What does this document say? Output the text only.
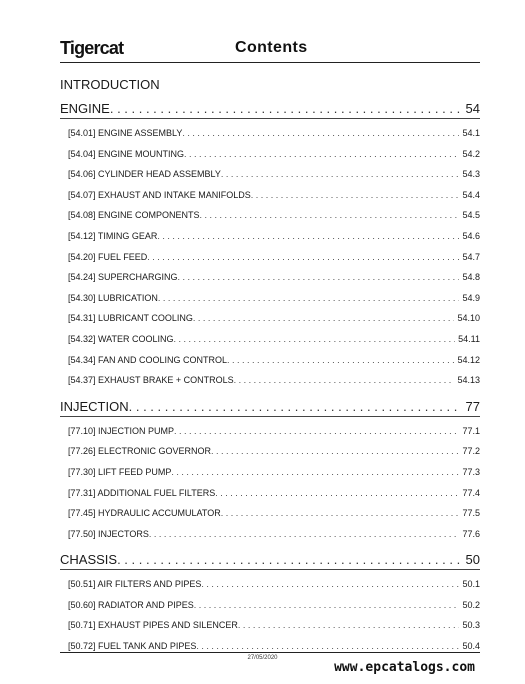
Tigercat	Contents
INTRODUCTION
ENGINE . . .	54
[54.01] ENGINE ASSEMBLY . . .	54.1
[54.04] ENGINE MOUNTING . . .	54.2
[54.06] CYLINDER HEAD ASSEMBLY . . .	54.3
[54.07] EXHAUST AND INTAKE MANIFOLDS . . .	54.4
[54.08] ENGINE COMPONENTS . . .	54.5
[54.12] TIMING GEAR . . .	54.6
[54.20] FUEL FEED . . .	54.7
[54.24] SUPERCHARGING . . .	54.8
[54.30] LUBRICATION . . .	54.9
[54.31] LUBRICANT COOLING . . .	54.10
[54.32] WATER COOLING . . .	54.11
[54.34] FAN AND COOLING CONTROL . . .	54.12
[54.37] EXHAUST BRAKE + CONTROLS . . .	54.13
INJECTION . . .	77
[77.10] INJECTION PUMP . . .	77.1
[77.26] ELECTRONIC GOVERNOR . . .	77.2
[77.30] LIFT FEED PUMP . . .	77.3
[77.31] ADDITIONAL FUEL FILTERS . . .	77.4
[77.45] HYDRAULIC ACCUMULATOR . . .	77.5
[77.50] INJECTORS . . .	77.6
CHASSIS . . .	50
[50.51] AIR FILTERS AND PIPES . . .	50.1
[50.60] RADIATOR AND PIPES . . .	50.2
[50.71] EXHAUST PIPES AND SILENCER . . .	50.3
[50.72] FUEL TANK AND PIPES . . .	50.4
27/05/2020
www.epcatalogs.com
